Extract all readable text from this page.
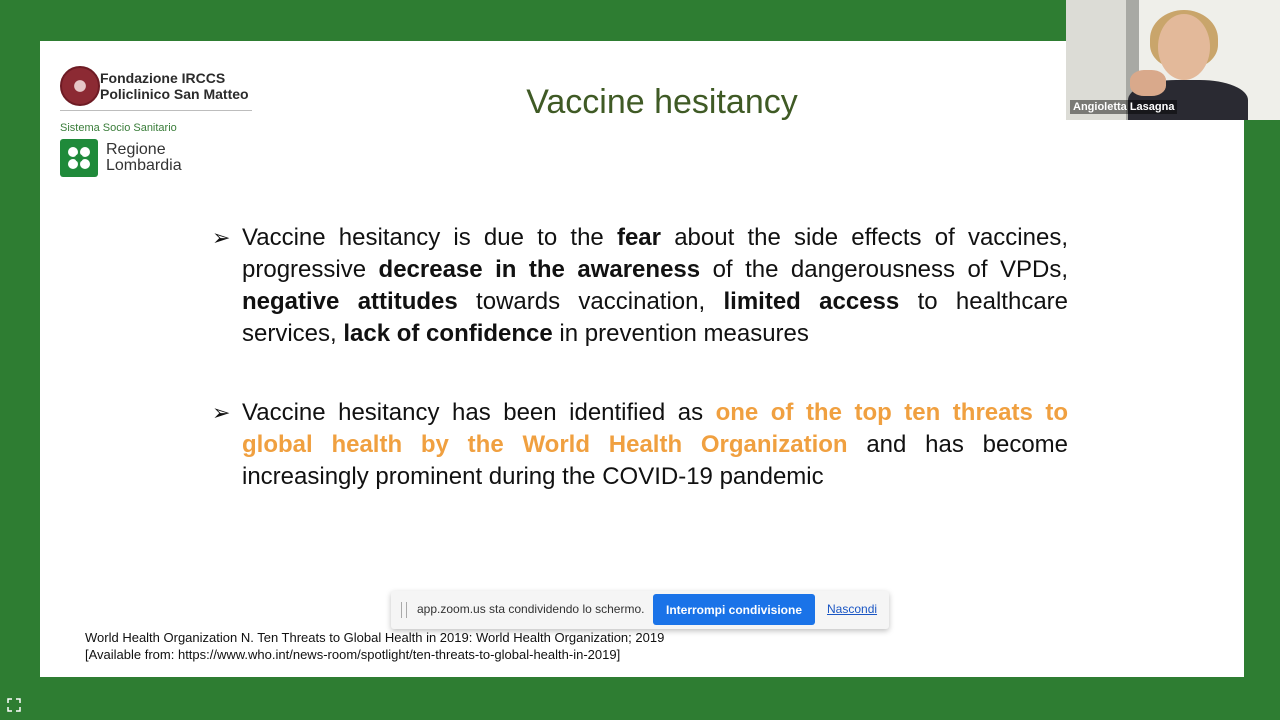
Fondazione IRCCS
Policlinico San Matteo
Sistema Socio Sanitario
Regione
Lombardia
Vaccine hesitancy
➢ Vaccine hesitancy is due to the fear about the side effects of vaccines, progressive decrease in the awareness of the dangerousness of VPDs, negative attitudes towards vaccination, limited access to healthcare services, lack of confidence in prevention measures
➢ Vaccine hesitancy has been identified as one of the top ten threats to global health by the World Health Organization and has become increasingly prominent during the COVID-19 pandemic
World Health Organization N. Ten Threats to Global Health in 2019: World Health Organization; 2019
[Available from: https://www.who.int/news-room/spotlight/ten-threats-to-global-health-in-2019]
app.zoom.us sta condividendo lo schermo.	Interrompi condivisione	Nascondi
Angioletta Lasagna
